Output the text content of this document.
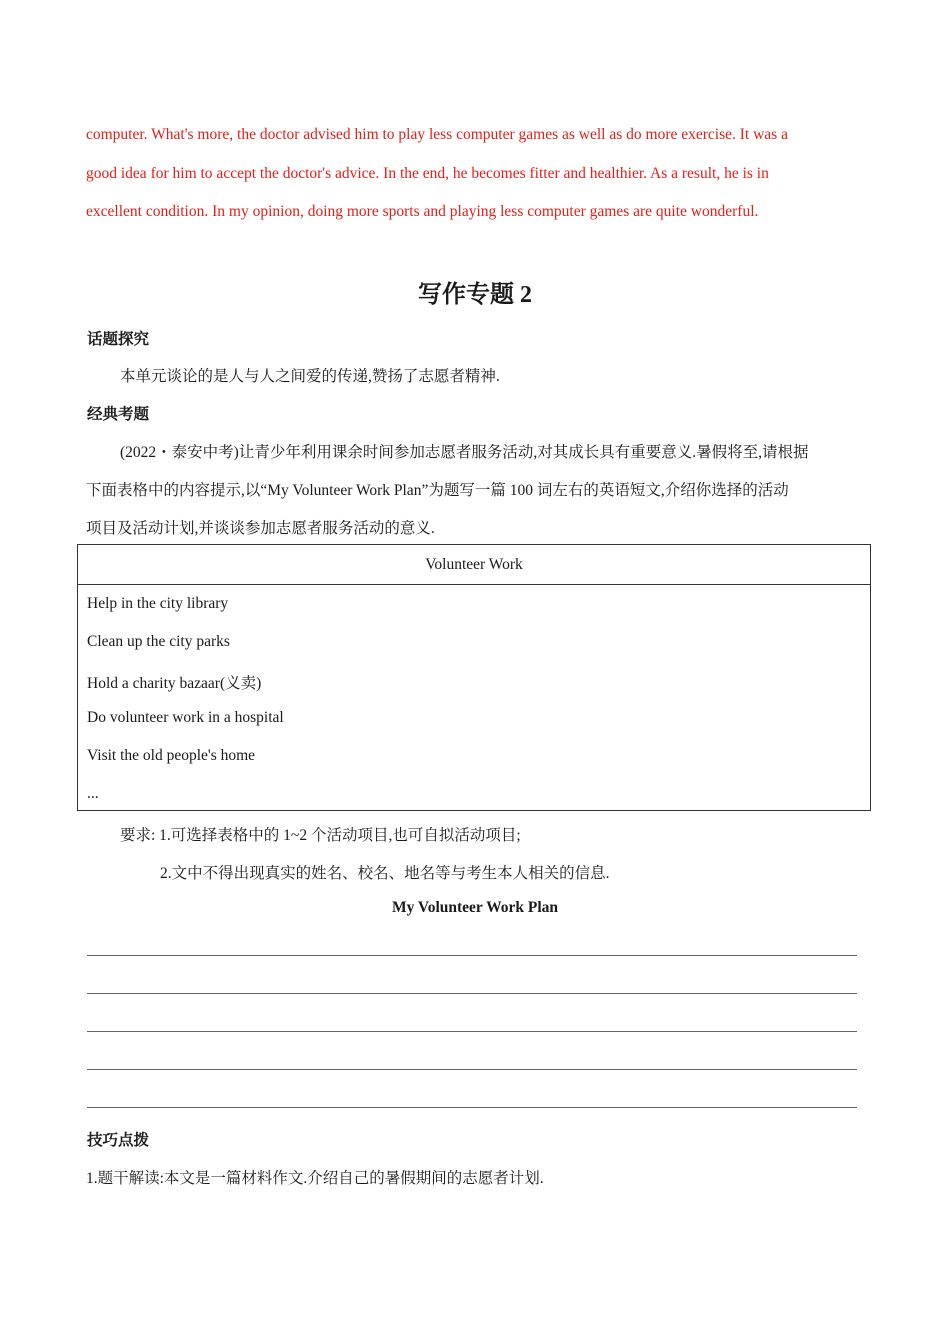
computer. What's more, the doctor advised him to play less computer games as well as do more exercise. It was a
good idea for him to accept the doctor's advice. In the end, he becomes fitter and healthier. As a result, he is in
excellent condition. In my opinion, doing more sports and playing less computer games are quite wonderful.
写作专题 2
话题探究
本单元谈论的是人与人之间爱的传递,赞扬了志愿者精神.
经典考题
(2022・泰安中考)让青少年利用课余时间参加志愿者服务活动,对其成长具有重要意义.暑假将至,请根据
下面表格中的内容提示,以“My Volunteer Work Plan”为题写一篇 100 词左右的英语短文,介绍你选择的活动
项目及活动计划,并谈谈参加志愿者服务活动的意义.
Volunteer Work
Help in the city library
Clean up the city parks
Hold a charity bazaar(义卖)
Do volunteer work in a hospital
Visit the old people's home
...
要求: 1.可选择表格中的 1~2 个活动项目,也可自拟活动项目;
2.文中不得出现真实的姓名、校名、地名等与考生本人相关的信息.
My Volunteer Work Plan
技巧点拨
1.题干解读:本文是一篇材料作文.介绍自己的暑假期间的志愿者计划.
